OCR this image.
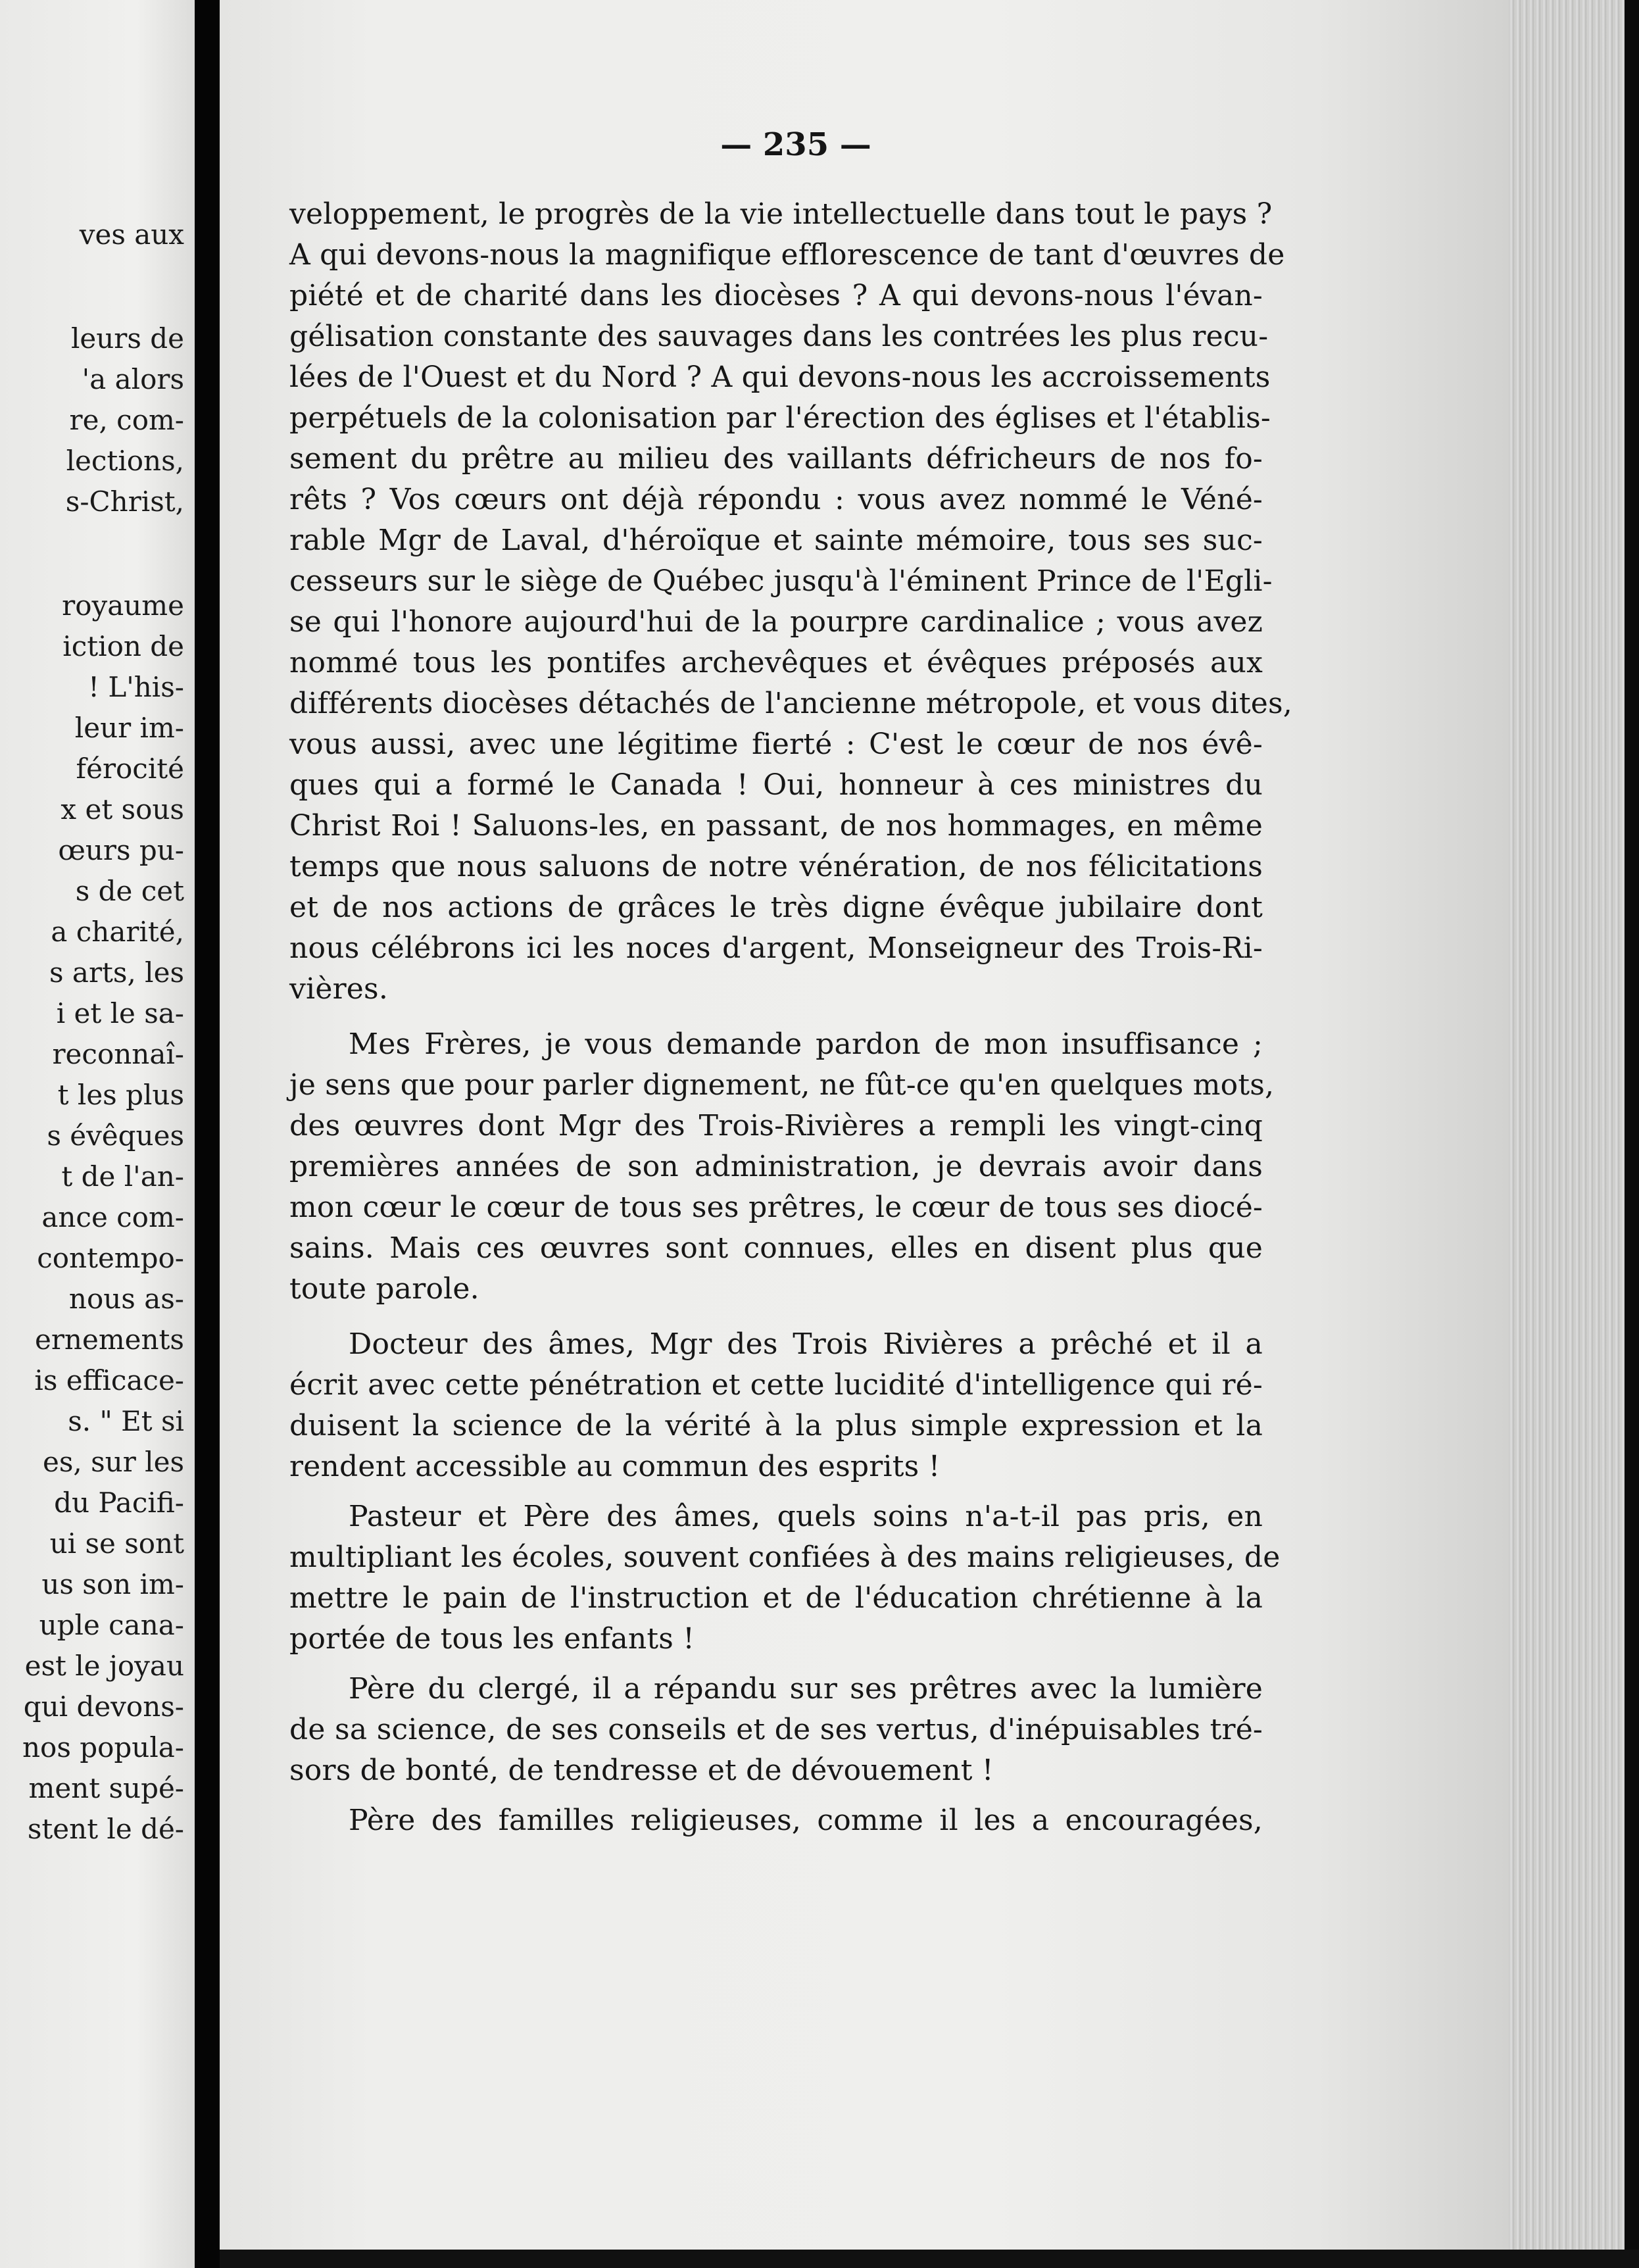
ves aux
leurs de
'a alors
re, com-
lections,
s-Christ,
royaume
iction de
! L'his-
leur im-
férocité
x et sous
œurs pu-
s de cet
a charité,
s arts, les
i et le sa-
reconnaî-
t les plus
s évêques
t de l'an-
ance com-
contempo-
nous as-
ernements
is efficace-
s. " Et si
es, sur les
du Pacifi-
ui se sont
us son im-
uple cana-
est le joyau
qui devons-
nos popula-
ment supé-
stent le dé-
— 235 —
veloppement, le progrès de la vie intellectuelle dans tout le pays ?
A qui devons-nous la magnifique efflorescence de tant d'œuvres de
piété et de charité dans les diocèses ? A qui devons-nous l'évan-
gélisation constante des sauvages dans les contrées les plus recu-
lées de l'Ouest et du Nord ? A qui devons-nous les accroissements
perpétuels de la colonisation par l'érection des églises et l'établis-
sement du prêtre au milieu des vaillants défricheurs de nos fo-
rêts ? Vos cœurs ont déjà répondu : vous avez nommé le Véné-
rable Mgr de Laval, d'héroïque et sainte mémoire, tous ses suc-
cesseurs sur le siège de Québec jusqu'à l'éminent Prince de l'Egli-
se qui l'honore aujourd'hui de la pourpre cardinalice ; vous avez
nommé tous les pontifes archevêques et évêques préposés aux
différents diocèses détachés de l'ancienne métropole, et vous dites,
vous aussi, avec une légitime fierté : C'est le cœur de nos évê-
ques qui a formé le Canada ! Oui, honneur à ces ministres du
Christ Roi ! Saluons-les, en passant, de nos hommages, en même
temps que nous saluons de notre vénération, de nos félicitations
et de nos actions de grâces le très digne évêque jubilaire dont
nous célébrons ici les noces d'argent, Monseigneur des Trois-Ri-
vières.
Mes Frères, je vous demande pardon de mon insuffisance ;
je sens que pour parler dignement, ne fût-ce qu'en quelques mots,
des œuvres dont Mgr des Trois-Rivières a rempli les vingt-cinq
premières années de son administration, je devrais avoir dans
mon cœur le cœur de tous ses prêtres, le cœur de tous ses diocé-
sains. Mais ces œuvres sont connues, elles en disent plus que
toute parole.
Docteur des âmes, Mgr des Trois Rivières a prêché et il a
écrit avec cette pénétration et cette lucidité d'intelligence qui ré-
duisent la science de la vérité à la plus simple expression et la
rendent accessible au commun des esprits !
Pasteur et Père des âmes, quels soins n'a-t-il pas pris, en
multipliant les écoles, souvent confiées à des mains religieuses, de
mettre le pain de l'instruction et de l'éducation chrétienne à la
portée de tous les enfants !
Père du clergé, il a répandu sur ses prêtres avec la lumière
de sa science, de ses conseils et de ses vertus, d'inépuisables tré-
sors de bonté, de tendresse et de dévouement !
Père des familles religieuses, comme il les a encouragées,
